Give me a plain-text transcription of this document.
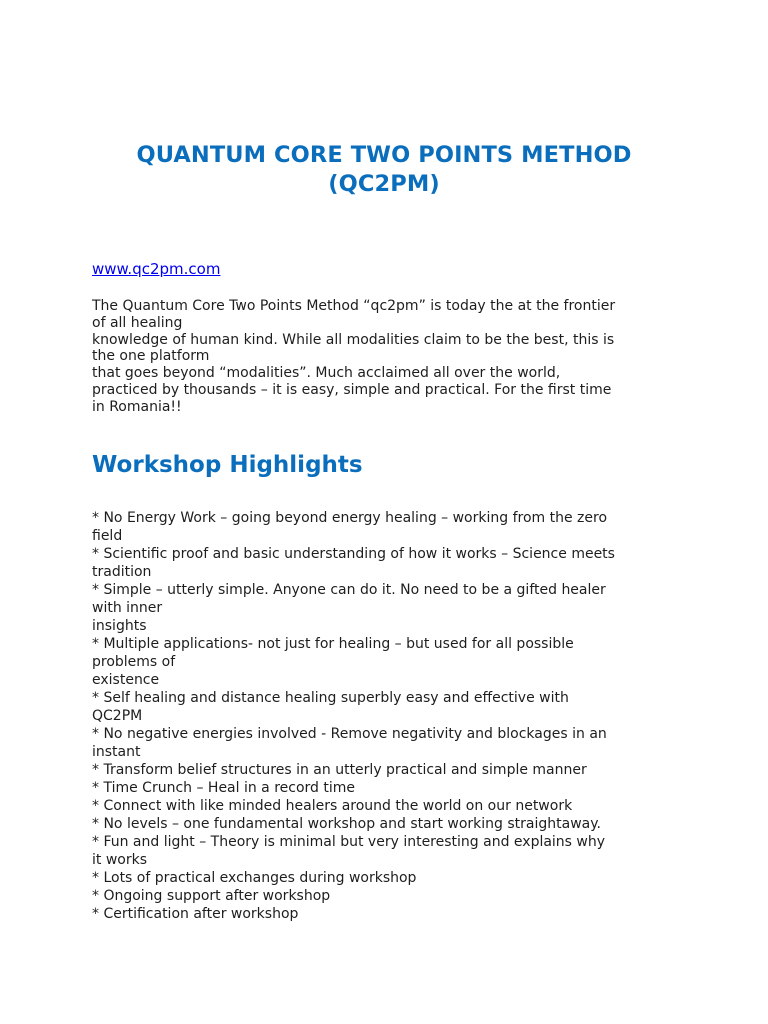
QUANTUM CORE TWO POINTS METHOD
(QC2PM)
www.qc2pm.com
The Quantum Core Two Points Method “qc2pm” is today the at the frontier
of all healing
knowledge of human kind. While all modalities claim to be the best, this is
the one platform
that goes beyond “modalities”. Much acclaimed all over the world,
practiced by thousands – it is easy, simple and practical. For the first time
in Romania!!
Workshop Highlights
* No Energy Work – going beyond energy healing – working from the zero
field
* Scientific proof and basic understanding of how it works – Science meets
tradition
* Simple – utterly simple. Anyone can do it. No need to be a gifted healer
with inner
insights
* Multiple applications- not just for healing – but used for all possible
problems of
existence
* Self healing and distance healing superbly easy and effective with
QC2PM
* No negative energies involved - Remove negativity and blockages in an
instant
* Transform belief structures in an utterly practical and simple manner
* Time Crunch – Heal in a record time
* Connect with like minded healers around the world on our network
* No levels – one fundamental workshop and start working straightaway.
* Fun and light – Theory is minimal but very interesting and explains why
it works
* Lots of practical exchanges during workshop
* Ongoing support after workshop
* Certification after workshop
